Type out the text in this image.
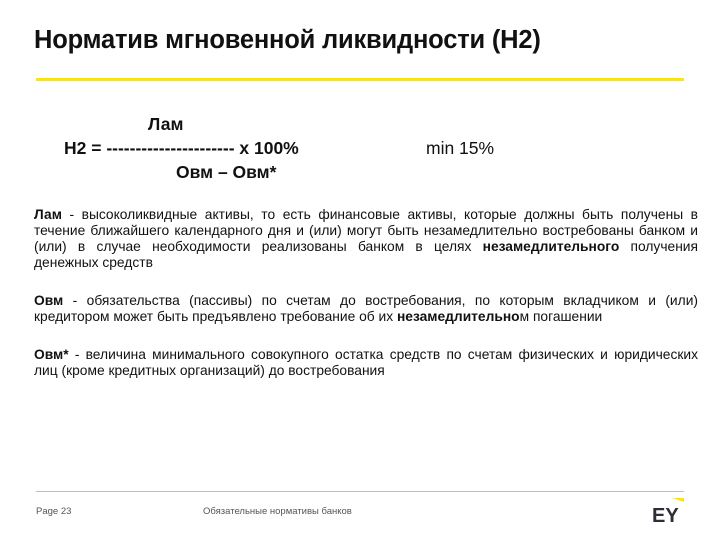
Норматив мгновенной ликвидности (Н2)
Лам
Н2 = ---------------------- х 100%	min 15%
Овм – Овм*

Лам - высоколиквидные активы, то есть финансовые активы, которые должны быть получены в течение ближайшего календарного дня и (или) могут быть незамедлительно востребованы банком и (или) в случае необходимости реализованы банком в целях незамедлительного получения денежных средств

Овм - обязательства (пассивы) по счетам до востребования, по которым вкладчиком и (или) кредитором может быть предъявлено требование об их незамедлительном погашении

Овм* - величина минимального совокупного остатка средств по счетам физических и юридических лиц (кроме кредитных организаций) до востребования

Page 23	Обязательные нормативы банков	EY
